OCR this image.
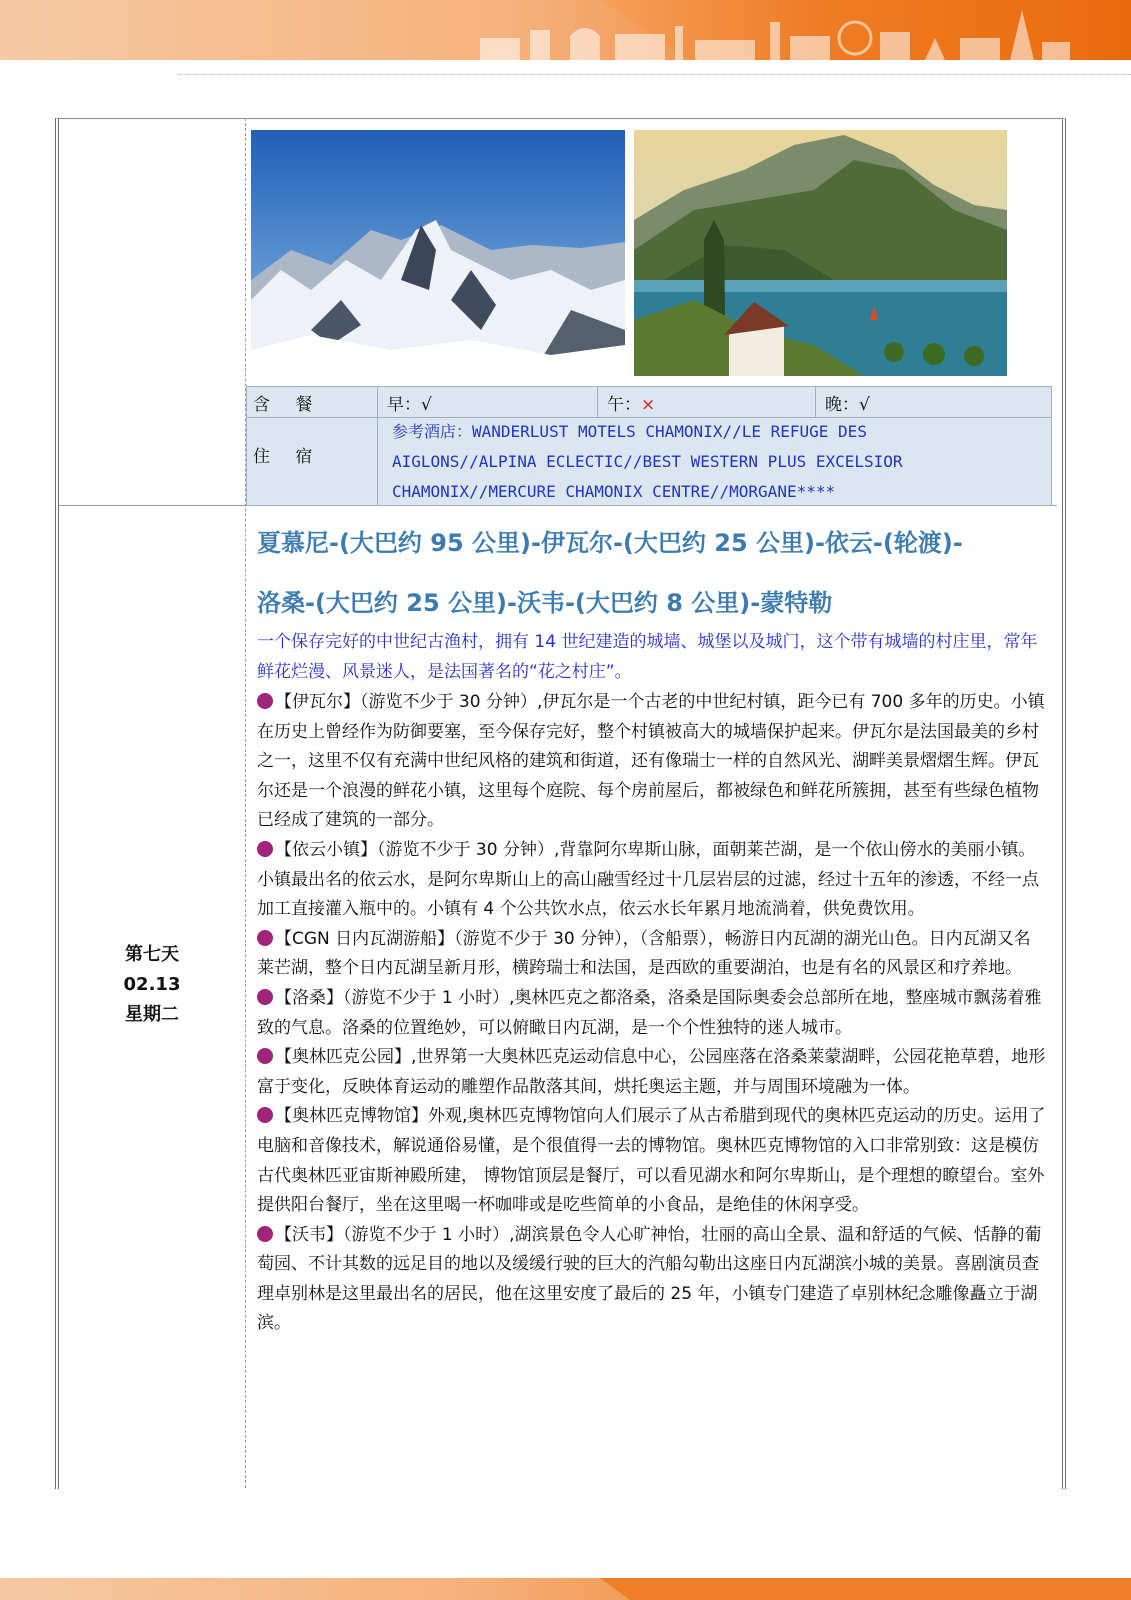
含 餐	早：√	午：×	晚：√
住 宿
参考酒店：WANDERLUST MOTELS CHAMONIX//LE REFUGE DES
AIGLONS//ALPINA ECLECTIC//BEST WESTERN PLUS EXCELSIOR
CHAMONIX//MERCURE CHAMONIX CENTRE//MORGANE****
第七天
02.13
星期二
夏慕尼-(大巴约 95 公里)-伊瓦尔-(大巴约 25 公里)-依云-(轮渡)-
洛桑-(大巴约 25 公里)-沃韦-(大巴约 8 公里)-蒙特勒
一个保存完好的中世纪古渔村，拥有 14 世纪建造的城墙、城堡以及城门，这个带有城墙的村庄里，常年鲜花烂漫、风景迷人，是法国著名的“花之村庄”。

【伊瓦尔】（游览不少于 30 分钟）,伊瓦尔是一个古老的中世纪村镇，距今已有 700 多年的历史。小镇在历史上曾经作为防御要塞，至今保存完好，整个村镇被高大的城墙保护起来。伊瓦尔是法国最美的乡村之一，这里不仅有充满中世纪风格的建筑和街道，还有像瑞士一样的自然风光、湖畔美景熠熠生辉。伊瓦尔还是一个浪漫的鲜花小镇，这里每个庭院、每个房前屋后，都被绿色和鲜花所簇拥，甚至有些绿色植物已经成了建筑的一部分。

【依云小镇】（游览不少于 30 分钟）,背靠阿尔卑斯山脉，面朝莱芒湖，是一个依山傍水的美丽小镇。小镇最出名的依云水，是阿尔卑斯山上的高山融雪经过十几层岩层的过滤，经过十五年的渗透，不经一点加工直接灌入瓶中的。小镇有 4 个公共饮水点，依云水长年累月地流淌着，供免费饮用。

【CGN 日内瓦湖游船】（游览不少于 30 分钟），（含船票），畅游日内瓦湖的湖光山色。日内瓦湖又名莱芒湖，整个日内瓦湖呈新月形，横跨瑞士和法国，是西欧的重要湖泊，也是有名的风景区和疗养地。

【洛桑】（游览不少于 1 小时）,奥林匹克之都洛桑，洛桑是国际奥委会总部所在地，整座城市飘荡着雅致的气息。洛桑的位置绝妙，可以俯瞰日内瓦湖，是一个个性独特的迷人城市。

【奥林匹克公园】,世界第一大奥林匹克运动信息中心，公园座落在洛桑莱蒙湖畔，公园花艳草碧，地形富于变化，反映体育运动的雕塑作品散落其间，烘托奥运主题，并与周围环境融为一体。

【奥林匹克博物馆】外观,奥林匹克博物馆向人们展示了从古希腊到现代的奥林匹克运动的历史。运用了电脑和音像技术，解说通俗易懂，是个很值得一去的博物馆。奥林匹克博物馆的入口非常别致：这是模仿古代奥林匹亚宙斯神殿所建， 博物馆顶层是餐厅，可以看见湖水和阿尔卑斯山，是个理想的瞭望台。室外提供阳台餐厅，坐在这里喝一杯咖啡或是吃些简单的小食品，是绝佳的休闲享受。

【沃韦】（游览不少于 1 小时）,湖滨景色令人心旷神怡，壮丽的高山全景、温和舒适的气候、恬静的葡萄园、不计其数的远足目的地以及缓缓行驶的巨大的汽船勾勒出这座日内瓦湖滨小城的美景。喜剧演员查理卓别林是这里最出名的居民，他在这里安度了最后的 25 年，小镇专门建造了卓别林纪念雕像矗立于湖滨。
